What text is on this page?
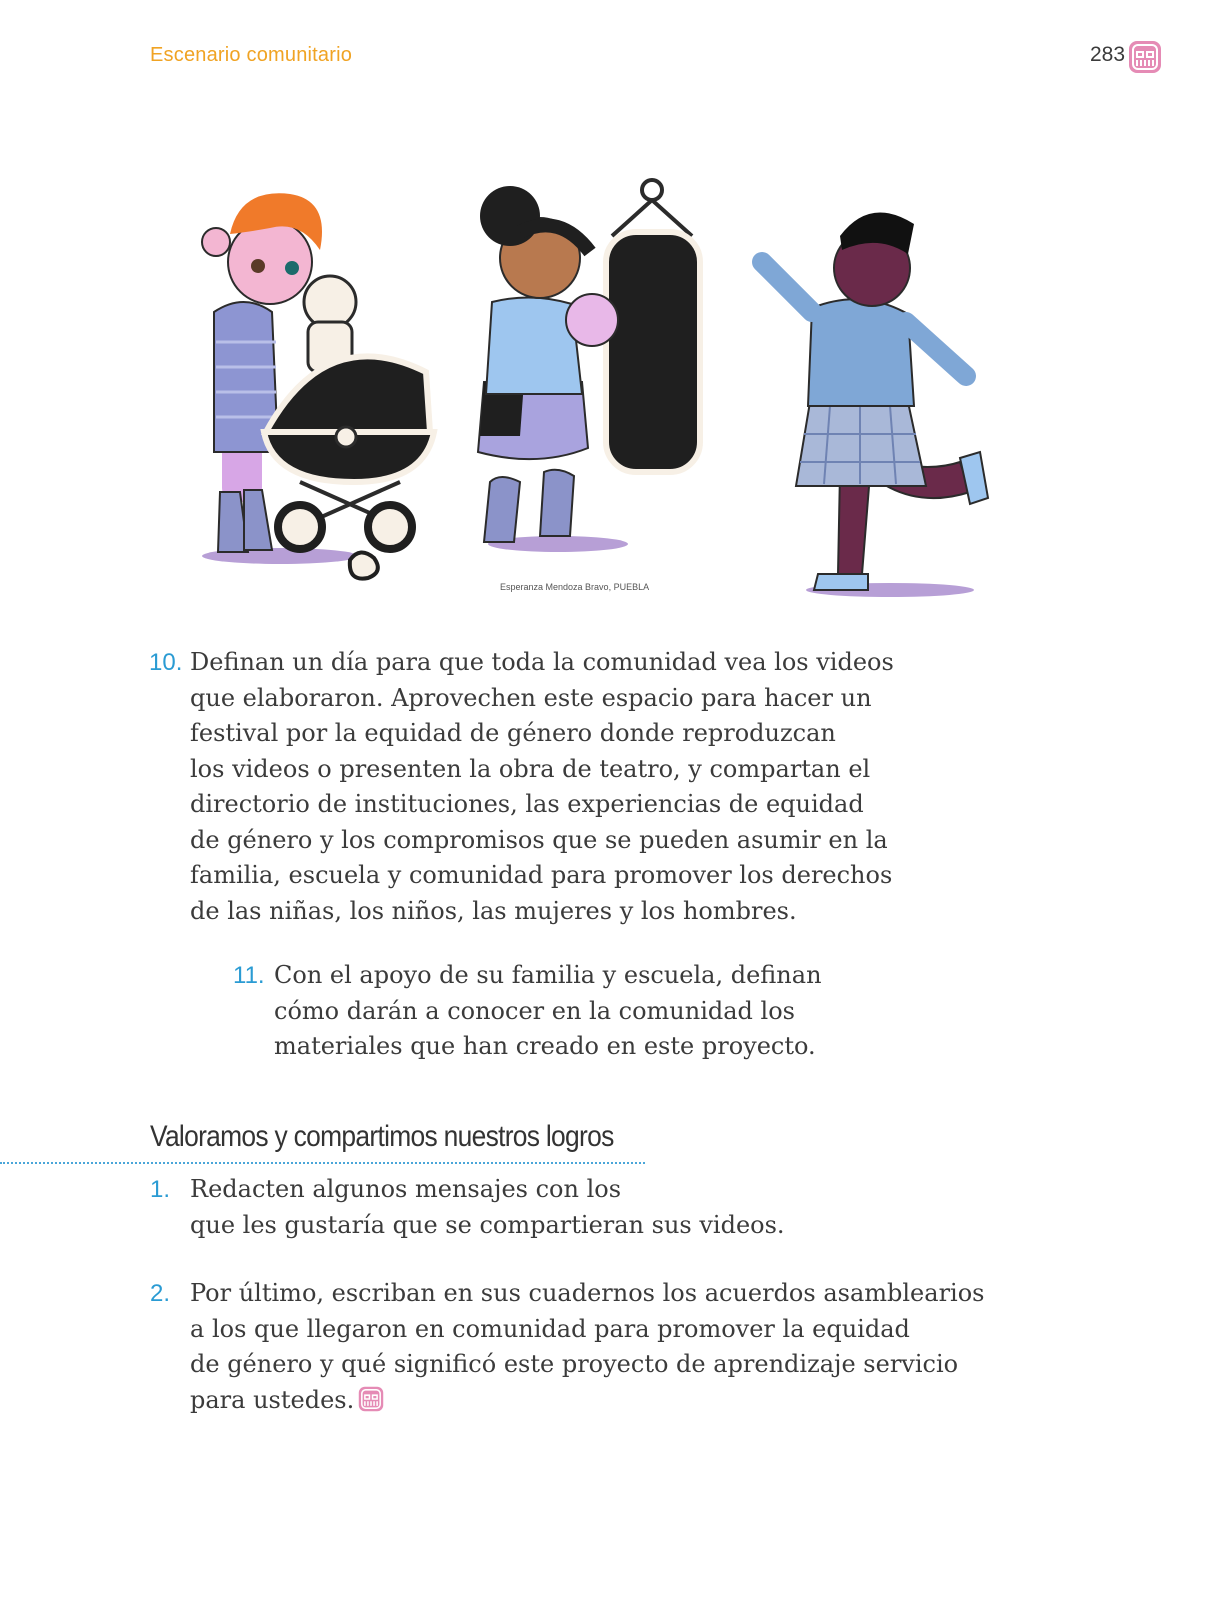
Escenario comunitario	283
Esperanza Mendoza Bravo, PUEBLA
10. Definan un día para que toda la comunidad vea los videos

que elaboraron. Aprovechen este espacio para hacer un

festival por la equidad de género donde reproduzcan

los videos o presenten la obra de teatro, y compartan el

directorio de instituciones, las experiencias de equidad

de género y los compromisos que se pueden asumir en la

familia, escuela y comunidad para promover los derechos

de las niñas, los niños, las mujeres y los hombres.

11. Con el apoyo de su familia y escuela, definan

cómo darán a conocer en la comunidad los

materiales que han creado en este proyecto.

Valoramos y compartimos nuestros logros
1. Redacten algunos mensajes con los

que les gustaría que se compartieran sus videos.

2. Por último, escriban en sus cuadernos los acuerdos asamblearios

a los que llegaron en comunidad para promover la equidad

de género y qué significó este proyecto de aprendizaje servicio

para ustedes.
